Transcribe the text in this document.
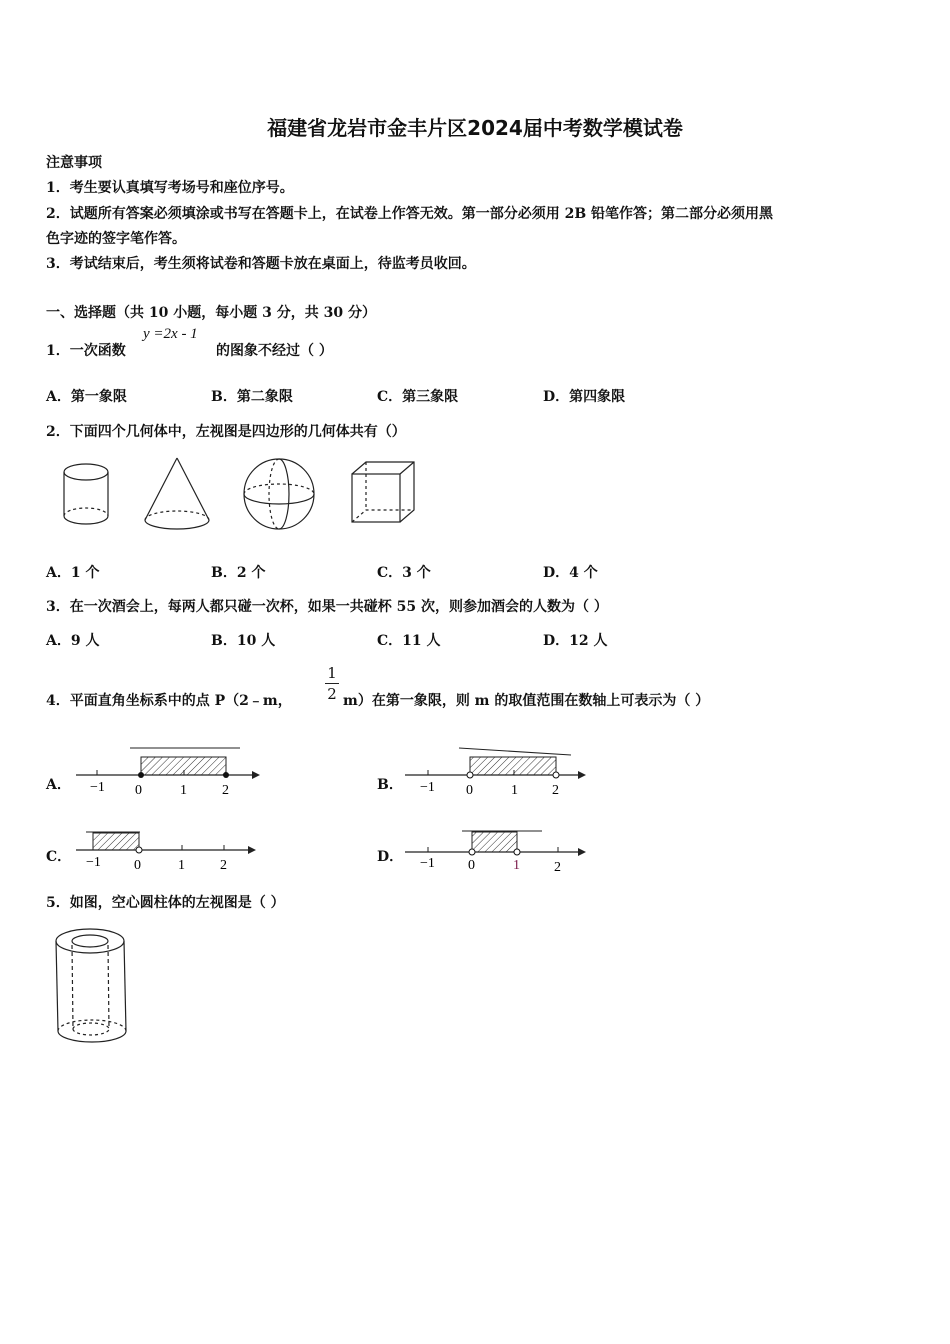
福建省龙岩市金丰片区2024届中考数学模试卷
注意事项
1．考生要认真填写考场号和座位序号。
2．试题所有答案必须填涂或书写在答题卡上，在试卷上作答无效。第一部分必须用 2B 铅笔作答；第二部分必须用黑
色字迹的签字笔作答。
3．考试结束后，考生须将试卷和答题卡放在桌面上，待监考员收回。
一、选择题（共 10 小题，每小题 3 分，共 30 分）
1．一次函数
y =2x - 1
的图象不经过（ ）
A．第一象限	B．第二象限	C．第三象限	D．第四象限
2．下面四个几何体中，左视图是四边形的几何体共有（）
A．1 个	B．2 个	C．3 个	D．4 个
3．在一次酒会上，每两人都只碰一次杯，如果一共碰杯 55 次，则参加酒会的人数为（ ）
A．9 人	B．10 人	C．11 人	D．12 人
4．平面直角坐标系中的点 P（2﹣m，
1
2 m）在第一象限，则 m 的取值范围在数轴上可表示为（ ）
A．	B．
C．	D．
−1 0	1	2	−1 0	1 2
−1 0	1	2	−1 0	1 2
5．如图，空心圆柱体的左视图是（ ）
